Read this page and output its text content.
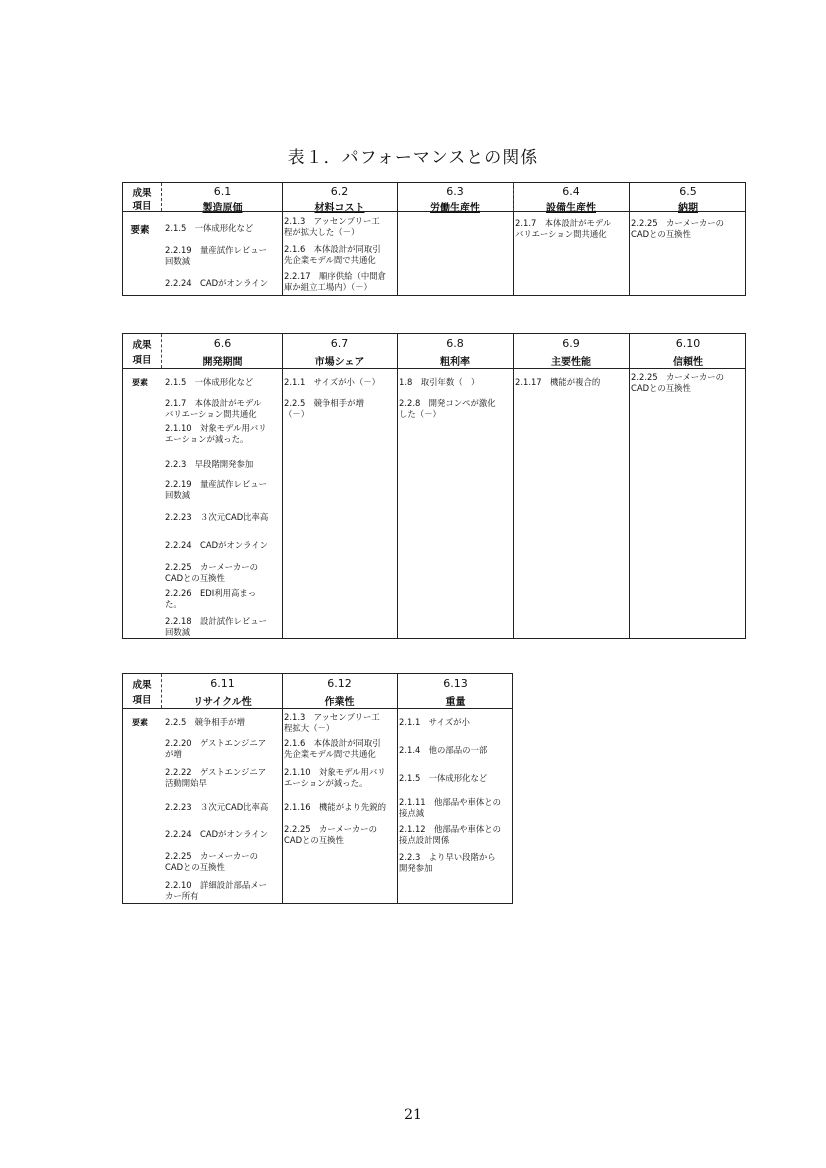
表１．パフォーマンスとの関係
成果
項目
要素
6.1
製造原価
6.2
材料コスト
6.3
労働生産性
6.4
設備生産性
6.5
納期
2.1.5　一体成形化など
2.2.19　量産試作レビュー
回数減
2.2.24　CADがオンライン
2.1.3　アッセンブリー工
程が拡大した（－）
2.1.6　本体設計が同取引
先企業モデル間で共通化
2.2.17　順序供給（中間倉
庫か組立工場内）（－）
2.1.7　本体設計がモデル
バリエーション間共通化
2.2.25　カーメーカーの
CADとの互換性
成果
項目
要素
6.6
開発期間
6.7
市場シェア
6.8
粗利率
6.9
主要性能
6.10
信頼性
2.1.5　一体成形化など
2.1.7　本体設計がモデル
バリエーション間共通化
2.1.10　対象モデル用バリ
エーションが減った。
2.2.3　早段階開発参加
2.2.19　量産試作レビュー
回数減
2.2.23　３次元CAD比率高
2.2.24　CADがオンライン
2.2.25　カーメーカーの
CADとの互換性
2.2.26　EDI利用高まっ
た。
2.2.18　設計試作レビュー
回数減
2.1.1　サイズが小（－）
2.2.5　競争相手が増
（－）
1.8　取引年数（　）
2.2.8　開発コンペが激化
した（－）
2.1.17　機能が複合的	2.2.25　カーメーカーの
CADとの互換性
成果
項目
要素
6.11
リサイクル性
6.12
作業性
6.13
重量
2.2.5　競争相手が増
2.2.20　ゲストエンジニア
が増
2.2.22　ゲストエンジニア
活動開始早
2.2.23　３次元CAD比率高
2.2.24　CADがオンライン
2.2.25　カーメーカーの
CADとの互換性
2.2.10　詳細設計部品メー
カー所有
2.1.3　アッセンブリー工
程拡大（－）
2.1.6　本体設計が同取引
先企業モデル間で共通化
2.1.10　対象モデル用バリ
エーションが減った。
2.1.16　機能がより先鋭的
2.2.25　カーメーカーの
CADとの互換性
2.1.1　サイズが小
2.1.4　他の部品の一部
2.1.5　一体成形化など
2.1.11　他部品や車体との
接点減
2.1.12　他部品や車体との
接点設計関係
2.2.3　より早い段階から
開発参加
21
